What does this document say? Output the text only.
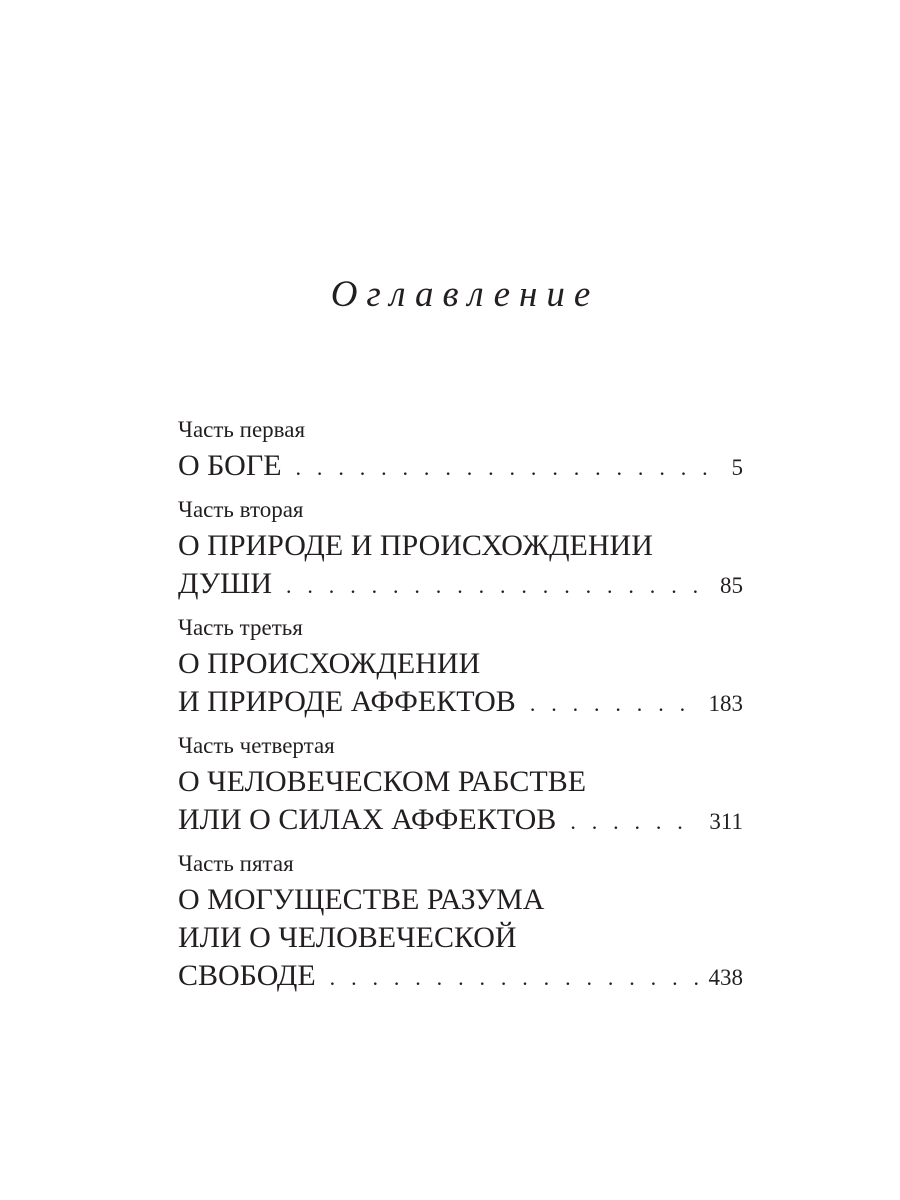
Оглавление
Часть первая
О БОГЕ . . .	5
Часть вторая
О ПРИРОДЕ И ПРОИСХОЖДЕНИИ
ДУШИ . . .	85
Часть третья
О ПРОИСХОЖДЕНИИ
И ПРИРОДЕ АФФЕКТОВ . . .	183
Часть четвертая
О ЧЕЛОВЕЧЕСКОМ РАБСТВЕ
ИЛИ О СИЛАХ АФФЕКТОВ . . .	311
Часть пятая
О МОГУЩЕСТВЕ РАЗУМА
ИЛИ О ЧЕЛОВЕЧЕСКОЙ
СВОБОДЕ . . .	438
